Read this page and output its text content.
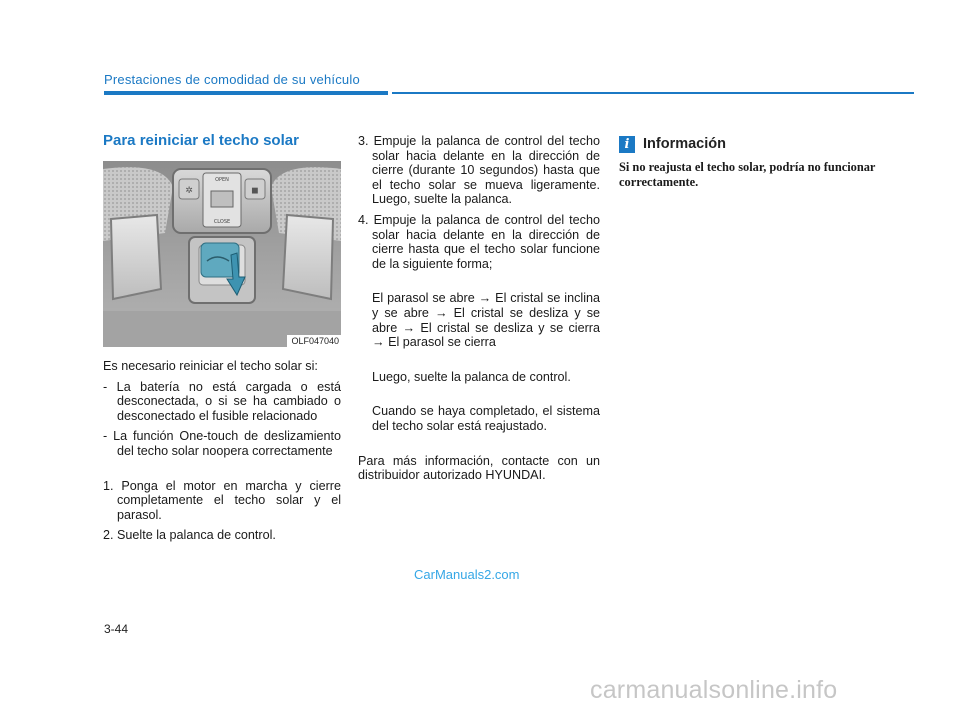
Prestaciones de comodidad de su vehículo
Para reiniciar el techo solar
✲	◼
OPEN
CLOSE
OLF047040

Es necesario reiniciar el techo solar si:

- La batería no está cargada o está desconectada, o si se ha cambiado o desconectado el fusible relacionado

- La función One-touch de deslizamiento del techo solar noopera correctamente

1. Ponga el motor en marcha y cierre completamente el techo solar y el parasol.

2. Suelte la palanca de control.

3. Empuje la palanca de control del techo solar hacia delante en la dirección de cierre (durante 10 segundos) hasta que el techo solar se mueva ligeramente. Luego, suelte la palanca.

4. Empuje la palanca de control del techo solar hacia delante en la dirección de cierre hasta que el techo solar funcione de la siguiente forma;

El parasol se abre → El cristal se inclina y se abre → El cristal se desliza y se abre → El cristal se desliza y se cierra → El parasol se cierra

Luego, suelte la palanca de control.

Cuando se haya completado, el sistema del techo solar está reajustado.

Para más información, contacte con un distribuidor autorizado HYUNDAI.

i Información

Si no reajusta el techo solar, podría no funcionar correctamente.

3-44
CarManuals2.com
carmanualsonline.info
